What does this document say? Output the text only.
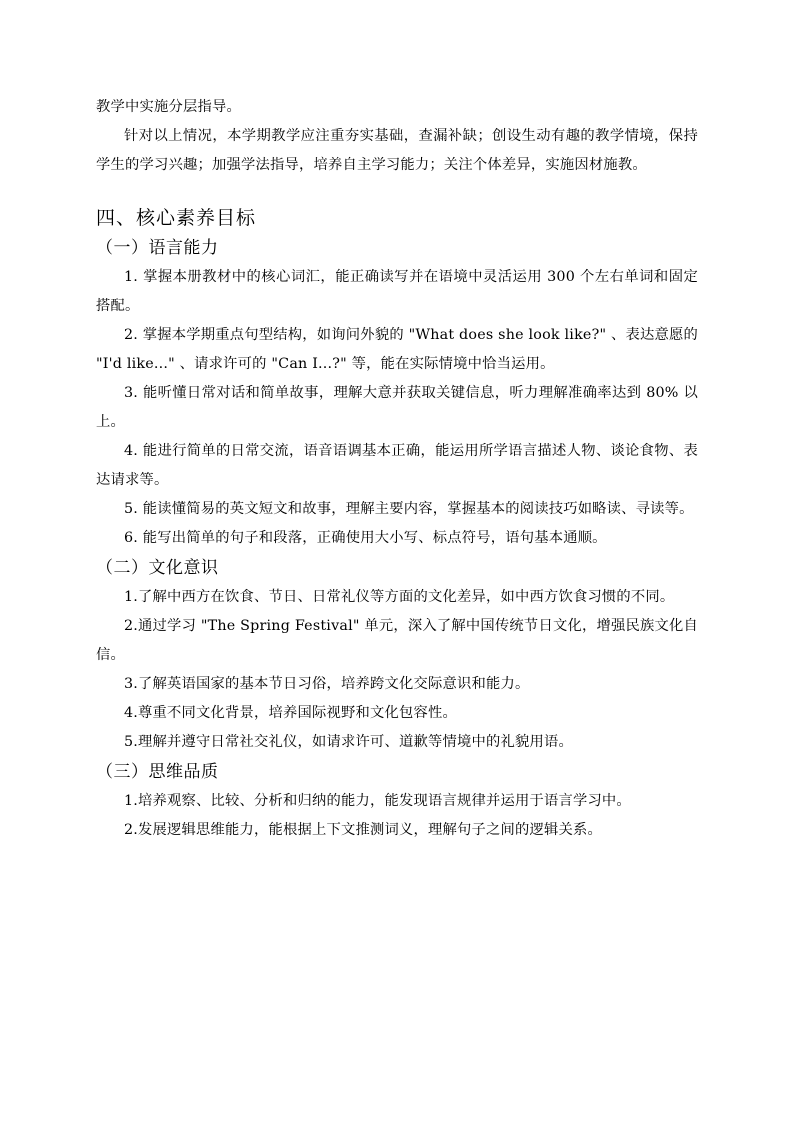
教学中实施分层指导。

针对以上情况，本学期教学应注重夯实基础，查漏补缺；创设生动有趣的教学情境，保持学生的学习兴趣；加强学法指导，培养自主学习能力；关注个体差异，实施因材施教。

四、核心素养目标
（一）语言能力

1. 掌握本册教材中的核心词汇，能正确读写并在语境中灵活运用 300 个左右单词和固定搭配。

2. 掌握本学期重点句型结构，如询问外貌的 "What does she look like?" 、表达意愿的 "I'd like..." 、请求许可的 "Can I...?" 等，能在实际情境中恰当运用。

3. 能听懂日常对话和简单故事，理解大意并获取关键信息，听力理解准确率达到 80% 以上。

4. 能进行简单的日常交流，语音语调基本正确，能运用所学语言描述人物、谈论食物、表达请求等。

5. 能读懂简易的英文短文和故事，理解主要内容，掌握基本的阅读技巧如略读、寻读等。

6. 能写出简单的句子和段落，正确使用大小写、标点符号，语句基本通顺。

（二）文化意识

1.了解中西方在饮食、节日、日常礼仪等方面的文化差异，如中西方饮食习惯的不同。

2.通过学习 "The Spring Festival" 单元，深入了解中国传统节日文化，增强民族文化自信。

3.了解英语国家的基本节日习俗，培养跨文化交际意识和能力。

4.尊重不同文化背景，培养国际视野和文化包容性。

5.理解并遵守日常社交礼仪，如请求许可、道歉等情境中的礼貌用语。

（三）思维品质

1.培养观察、比较、分析和归纳的能力，能发现语言规律并运用于语言学习中。

2.发展逻辑思维能力，能根据上下文推测词义，理解句子之间的逻辑关系。
